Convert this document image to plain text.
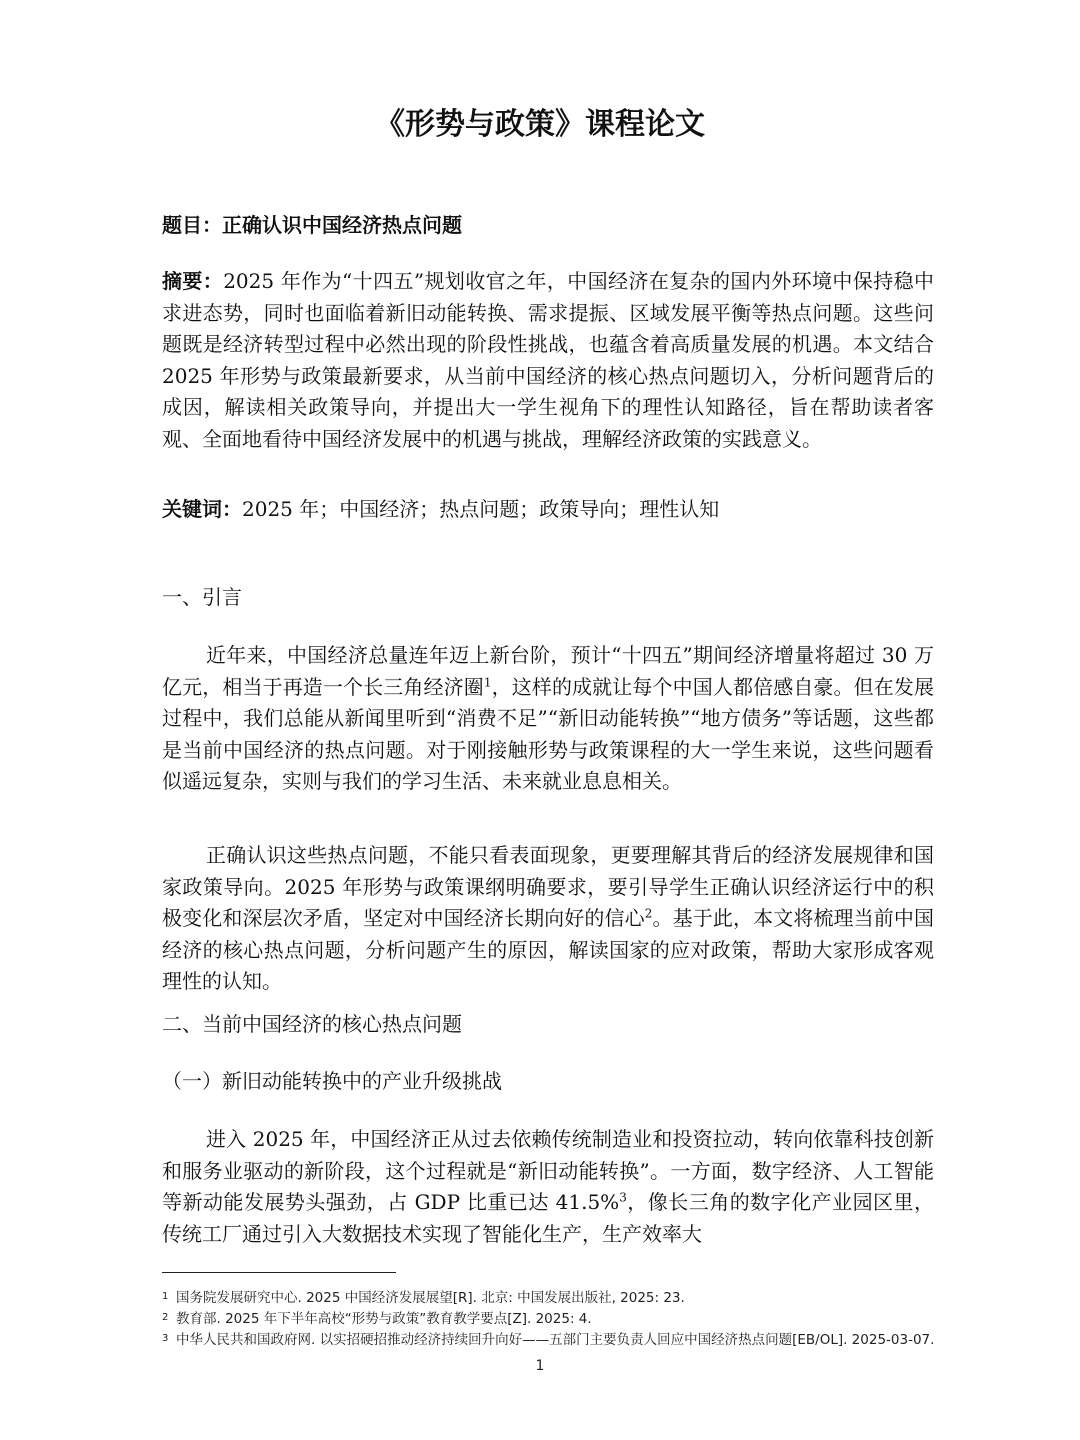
《形势与政策》课程论文

题目：正确认识中国经济热点问题

摘要：2025 年作为“十四五”规划收官之年，中国经济在复杂的国内外环境中保持稳中求进态势，同时也面临着新旧动能转换、需求提振、区域发展平衡等热点问题。这些问题既是经济转型过程中必然出现的阶段性挑战，也蕴含着高质量发展的机遇。本文结合 2025 年形势与政策最新要求，从当前中国经济的核心热点问题切入，分析问题背后的成因，解读相关政策导向，并提出大一学生视角下的理性认知路径，旨在帮助读者客观、全面地看待中国经济发展中的机遇与挑战，理解经济政策的实践意义。

关键词：2025 年；中国经济；热点问题；政策导向；理性认知

一、引言

近年来，中国经济总量连年迈上新台阶，预计“十四五”期间经济增量将超过 30 万亿元，相当于再造一个长三角经济圈$^1$，这样的成就让每个中国人都倍感自豪。但在发展过程中，我们总能从新闻里听到“消费不足”“新旧动能转换”“地方债务”等话题，这些都是当前中国经济的热点问题。对于刚接触形势与政策课程的大一学生来说，这些问题看似遥远复杂，实则与我们的学习生活、未来就业息息相关。

正确认识这些热点问题，不能只看表面现象，更要理解其背后的经济发展规律和国家政策导向。2025 年形势与政策课纲明确要求，要引导学生正确认识经济运行中的积极变化和深层次矛盾，坚定对中国经济长期向好的信心$^2$。基于此，本文将梳理当前中国经济的核心热点问题，分析问题产生的原因，解读国家的应对政策，帮助大家形成客观理性的认知。

二、当前中国经济的核心热点问题

（一）新旧动能转换中的产业升级挑战

进入 2025 年，中国经济正从过去依赖传统制造业和投资拉动，转向依靠科技创新和服务业驱动的新阶段，这个过程就是“新旧动能转换”。一方面，数字经济、人工智能等新动能发展势头强劲，占 GDP 比重已达 41.5%$^3$，像长三角的数字化产业园区里，传统工厂通过引入大数据技术实现了智能化生产，生产效率大

1 国务院发展研究中心. 2025 中国经济发展展望[R]. 北京: 中国发展出版社, 2025: 23.
2 教育部. 2025 年下半年高校“形势与政策”教育教学要点[Z]. 2025: 4.
3 中华人民共和国政府网. 以实招硬招推动经济持续回升向好——五部门主要负责人回应中国经济热点问题[EB/OL]. 2025-03-07.
1
